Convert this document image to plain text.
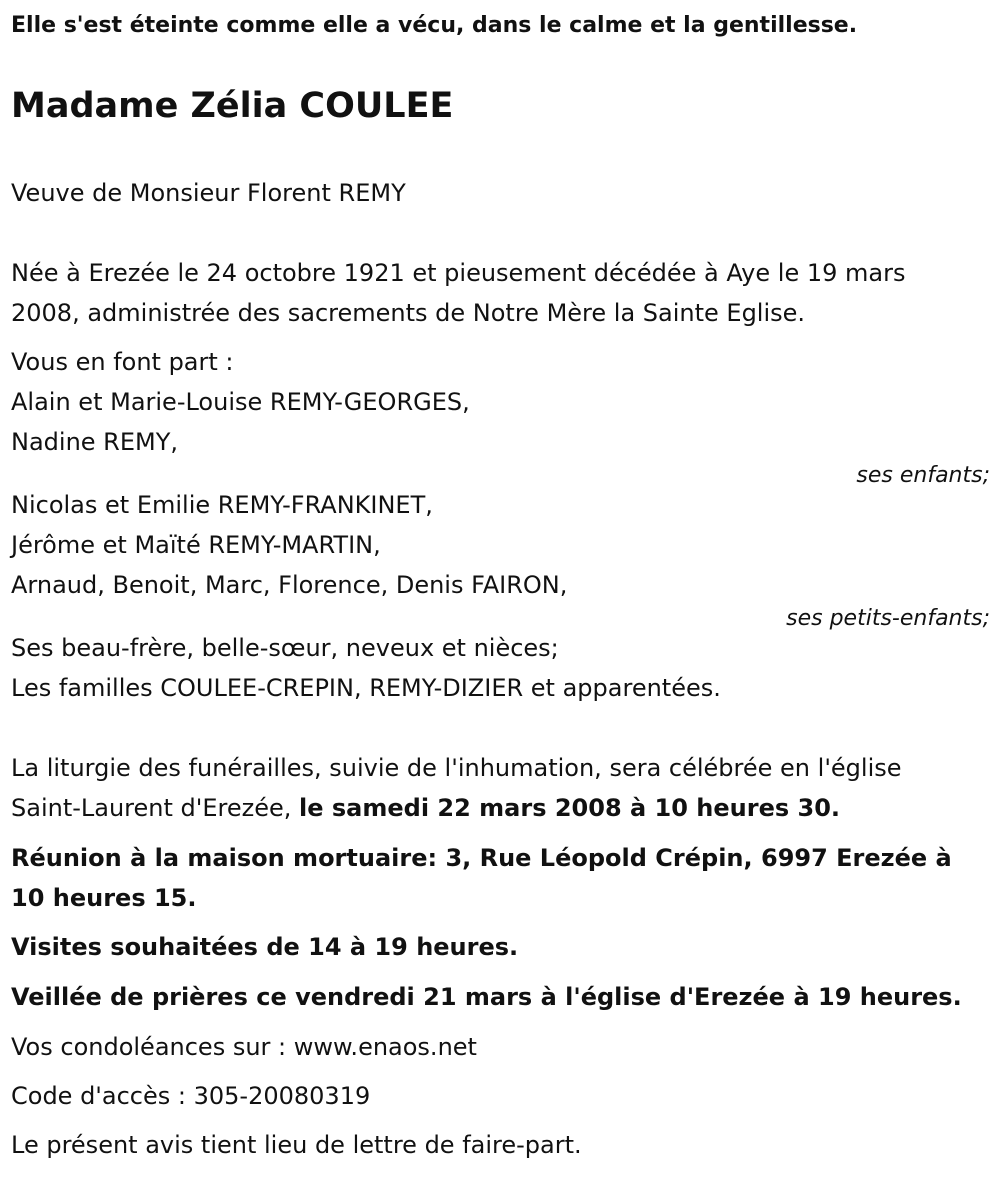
Elle s'est éteinte comme elle a vécu, dans le calme et la gentillesse.
Madame Zélia COULEE
Veuve de Monsieur Florent REMY
Née à Erezée le 24 octobre 1921 et pieusement décédée à Aye le 19 mars
2008, administrée des sacrements de Notre Mère la Sainte Eglise.
Vous en font part :
Alain et Marie-Louise REMY-GEORGES,
Nadine REMY,
ses enfants;
Nicolas et Emilie REMY-FRANKINET,
Jérôme et Maïté REMY-MARTIN,
Arnaud, Benoit, Marc, Florence, Denis FAIRON,
ses petits-enfants;
Ses beau-frère, belle-sœur, neveux et nièces;
Les familles COULEE-CREPIN, REMY-DIZIER et apparentées.
La liturgie des funérailles, suivie de l'inhumation, sera célébrée en l'église
Saint-Laurent d'Erezée, le samedi 22 mars 2008 à 10 heures 30.
Réunion à la maison mortuaire: 3, Rue Léopold Crépin, 6997 Erezée à
10 heures 15.
Visites souhaitées de 14 à 19 heures.
Veillée de prières ce vendredi 21 mars à l'église d'Erezée à 19 heures.
Vos condoléances sur : www.enaos.net
Code d'accès : 305-20080319
Le présent avis tient lieu de lettre de faire-part.
